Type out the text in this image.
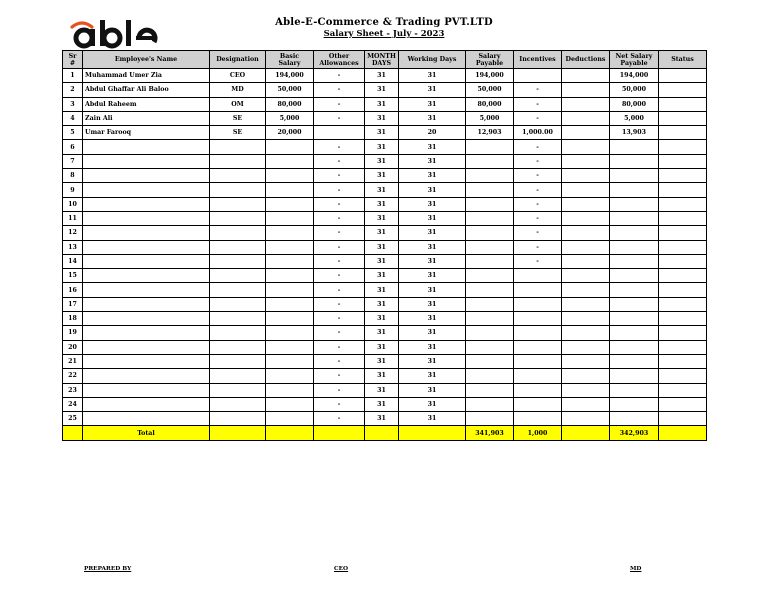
Able-E-Commerce & Trading PVT.LTD
Salary Sheet - July - 2023
Sr #	Employee's Name	Designation	Basic Salary	Other Allowances	MONTH DAYS	Working Days	Salary Payable	Incentives	Deductions	Net Salary Payable	Status
1	Muhammad Umer Zia	CEO	194,000	-	31	31	194,000			194,000	
2	Abdul Ghaffar Ali Baloo	MD	50,000	-	31	31	50,000	-		50,000	
3	Abdul Raheem	OM	80,000	-	31	31	80,000	-		80,000	
4	Zain Ali	SE	5,000	-	31	31	5,000	-		5,000	
5	Umar Farooq	SE	20,000		31	20	12,903	1,000.00		13,903	
6				-	31	31		-			
7				-	31	31		-			
8				-	31	31		-			
9				-	31	31		-			
10				-	31	31		-			
11				-	31	31		-			
12				-	31	31		-			
13				-	31	31		-			
14				-	31	31		-			
15				-	31	31					
16				-	31	31					
17				-	31	31					
18				-	31	31					
19				-	31	31					
20				-	31	31					
21				-	31	31					
22				-	31	31					
23				-	31	31					
24				-	31	31					
25				-	31	31					
	Total						341,903	1,000		342,903	
PREPARED BY	CEO	MD
